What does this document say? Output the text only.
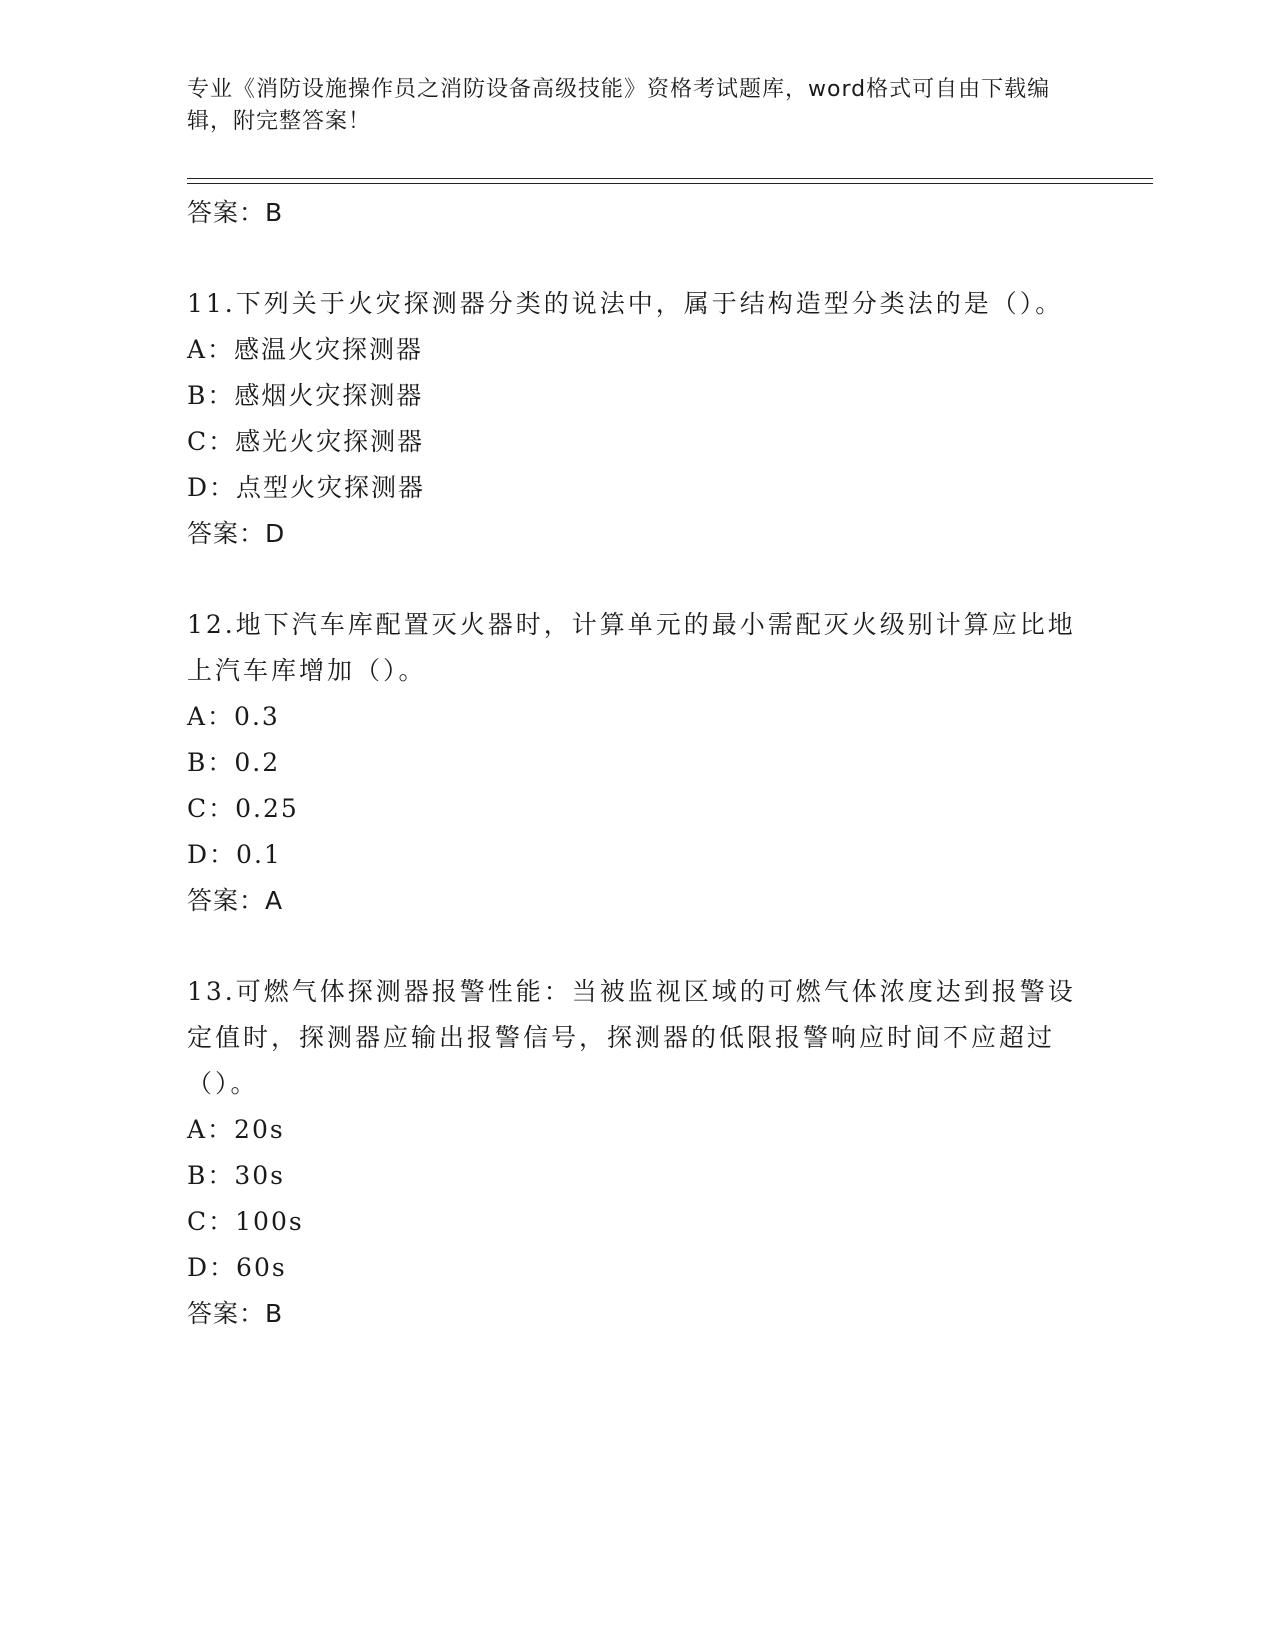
专业《消防设施操作员之消防设备高级技能》资格考试题库，word格式可自由下载编辑，附完整答案！
答案：B
11.下列关于火灾探测器分类的说法中，属于结构造型分类法的是（）。
A：感温火灾探测器
B：感烟火灾探测器
C：感光火灾探测器
D：点型火灾探测器
答案：D
12.地下汽车库配置灭火器时，计算单元的最小需配灭火级别计算应比地上汽车库增加（）。
A：0.3
B：0.2
C：0.25
D：0.1
答案：A
13.可燃气体探测器报警性能：当被监视区域的可燃气体浓度达到报警设定值时，探测器应输出报警信号，探测器的低限报警响应时间不应超过（）。
A：20s
B：30s
C：100s
D：60s
答案：B
